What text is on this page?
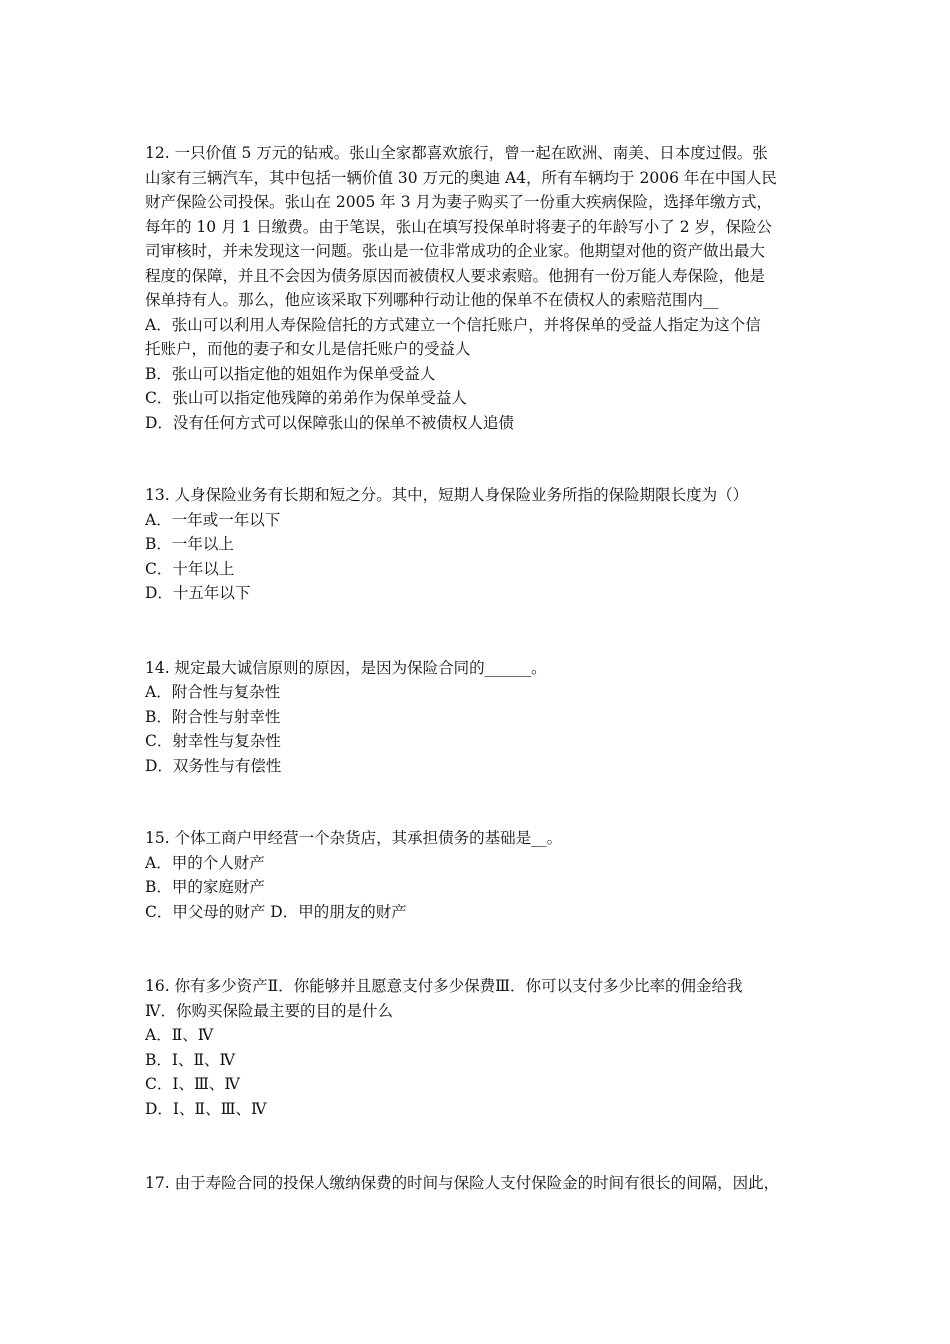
12. 一只价值 5 万元的钻戒。张山全家都喜欢旅行，曾一起在欧洲、南美、日本度过假。张
山家有三辆汽车，其中包括一辆价值 30 万元的奥迪 A4，所有车辆均于 2006 年在中国人民
财产保险公司投保。张山在 2005 年 3 月为妻子购买了一份重大疾病保险，选择年缴方式，
每年的 10 月 1 日缴费。由于笔误，张山在填写投保单时将妻子的年龄写小了 2 岁，保险公
司审核时，并未发现这一问题。张山是一位非常成功的企业家。他期望对他的资产做出最大
程度的保障，并且不会因为债务原因而被债权人要求索赔。他拥有一份万能人寿保险，他是
保单持有人。那么，他应该采取下列哪种行动让他的保单不在债权人的索赔范围内__
A．张山可以利用人寿保险信托的方式建立一个信托账户，并将保单的受益人指定为这个信
托账户，而他的妻子和女儿是信托账户的受益人
B．张山可以指定他的姐姐作为保单受益人
C．张山可以指定他残障的弟弟作为保单受益人
D．没有任何方式可以保障张山的保单不被债权人追债
13. 人身保险业务有长期和短之分。其中，短期人身保险业务所指的保险期限长度为（）
A．一年或一年以下
B．一年以上
C．十年以上
D．十五年以下
14. 规定最大诚信原则的原因，是因为保险合同的______。
A．附合性与复杂性
B．附合性与射幸性
C．射幸性与复杂性
D．双务性与有偿性
15. 个体工商户甲经营一个杂货店，其承担债务的基础是__。
A．甲的个人财产
B．甲的家庭财产
C．甲父母的财产 D．甲的朋友的财产
16. 你有多少资产Ⅱ．你能够并且愿意支付多少保费Ⅲ．你可以支付多少比率的佣金给我
Ⅳ．你购买保险最主要的目的是什么
A．Ⅱ、Ⅳ
B．Ⅰ、Ⅱ、Ⅳ
C．Ⅰ、Ⅲ、Ⅳ
D．Ⅰ、Ⅱ、Ⅲ、Ⅳ
17. 由于寿险合同的投保人缴纳保费的时间与保险人支付保险金的时间有很长的间隔，因此，
